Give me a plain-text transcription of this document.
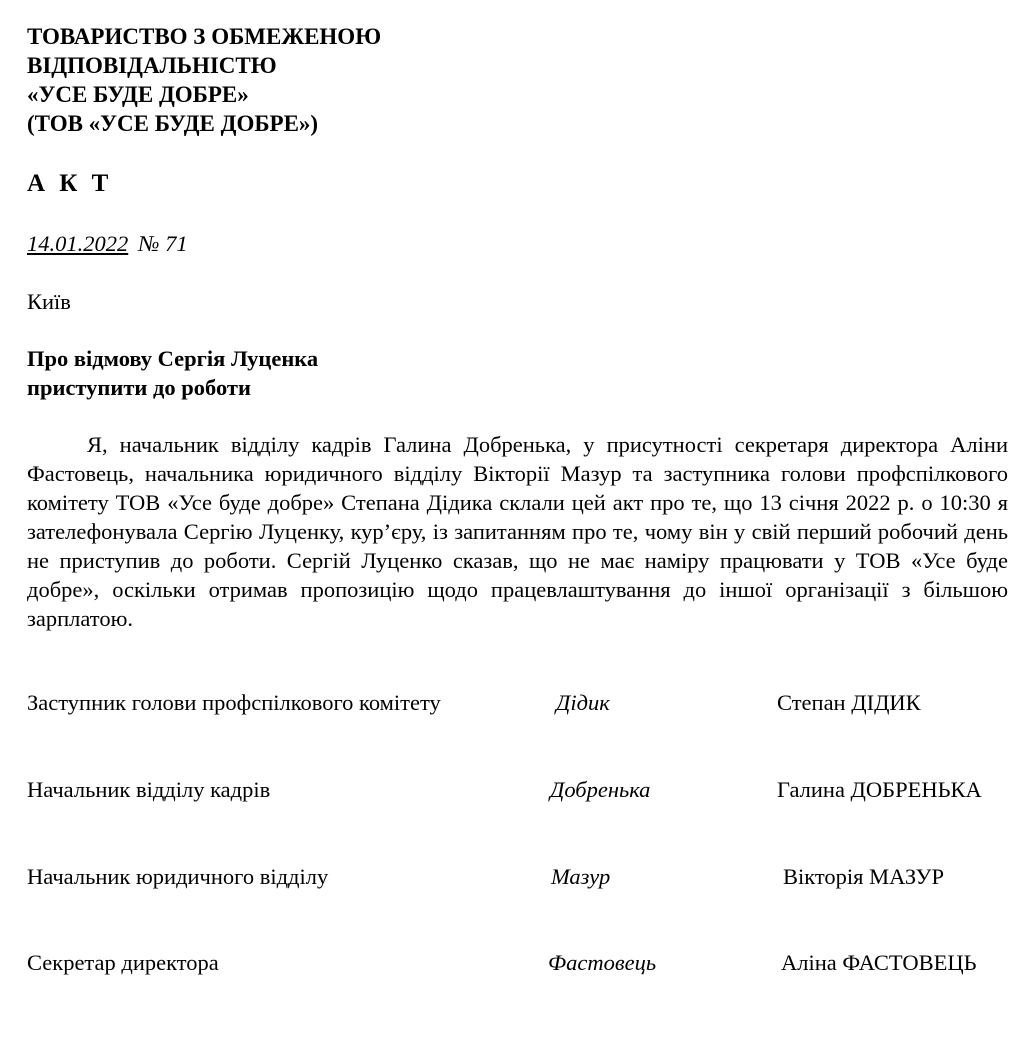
ТОВАРИСТВО З ОБМЕЖЕНОЮ
ВІДПОВІДАЛЬНІСТЮ
«УСЕ БУДЕ ДОБРЕ»
(ТОВ «УСЕ БУДЕ ДОБРЕ»)
А К Т
14.01.2022 № 71
Київ
Про відмову Сергія Луценка
приступити до роботи
Я, начальник відділу кадрів Галина Добренька, у присутності секретаря директора Аліни Фастовець, начальника юридичного відділу Вікторії Мазур та заступника голови профспілкового комітету ТОВ «Усе буде добре» Степана Дідика склали цей акт про те, що 13 січня 2022 р. о 10:30 я зателефонувала Сергію Луценку, кур’єру, із запитанням про те, чому він у свій перший робочий день не приступив до роботи. Сергій Луценко сказав, що не має наміру працювати у ТОВ «Усе буде добре», оскільки отримав пропозицію щодо працевлаштування до іншої організації з більшою зарплатою.
Заступник голови профспілкового комітету	Дідик	Степан ДІДИК
Начальник відділу кадрів	Добренька	Галина ДОБРЕНЬКА
Начальник юридичного відділу	Мазур	Вікторія МАЗУР
Секретар директора	Фастовець	Аліна ФАСТОВЕЦЬ
